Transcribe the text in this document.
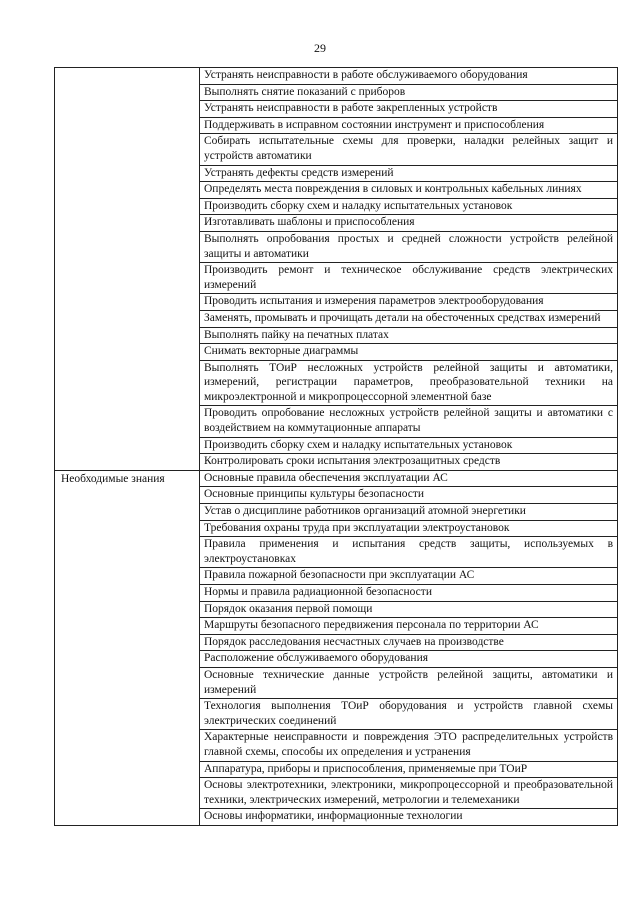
29
Устранять неисправности в работе обслуживаемого оборудования
Выполнять снятие показаний с приборов
Устранять неисправности в работе закрепленных устройств
Поддерживать в исправном состоянии инструмент и приспособления
Собирать испытательные схемы для проверки, наладки релейных защит и устройств автоматики
Устранять дефекты средств измерений
Определять места повреждения в силовых и контрольных кабельных линиях
Производить сборку схем и наладку испытательных установок
Изготавливать шаблоны и приспособления
Выполнять опробования простых и средней сложности устройств релейной защиты и автоматики
Производить ремонт и техническое обслуживание средств электрических измерений
Проводить испытания и измерения параметров электрооборудования
Заменять, промывать и прочищать детали на обесточенных средствах измерений
Выполнять пайку на печатных платах
Снимать векторные диаграммы
Выполнять ТОиР несложных устройств релейной защиты и автоматики, измерений, регистрации параметров, преобразовательной техники на микроэлектронной и микропроцессорной элементной базе
Проводить опробование несложных устройств релейной защиты и автоматики с воздействием на коммутационные аппараты
Производить сборку схем и наладку испытательных установок
Контролировать сроки испытания электрозащитных средств
Необходимые знания	Основные правила обеспечения эксплуатации АС
Основные принципы культуры безопасности
Устав о дисциплине работников организаций атомной энергетики
Требования охраны труда при эксплуатации электроустановок
Правила применения и испытания средств защиты, используемых в электроустановках
Правила пожарной безопасности при эксплуатации АС
Нормы и правила радиационной безопасности
Порядок оказания первой помощи
Маршруты безопасного передвижения персонала по территории АС
Порядок расследования несчастных случаев на производстве
Расположение обслуживаемого оборудования
Основные технические данные устройств релейной защиты, автоматики и измерений
Технология выполнения ТОиР оборудования и устройств главной схемы электрических соединений
Характерные неисправности и повреждения ЭТО распределительных устройств главной схемы, способы их определения и устранения
Аппаратура, приборы и приспособления, применяемые при ТОиР
Основы электротехники, электроники, микропроцессорной и преобразовательной техники, электрических измерений, метрологии и телемеханики
Основы информатики, информационные технологии
